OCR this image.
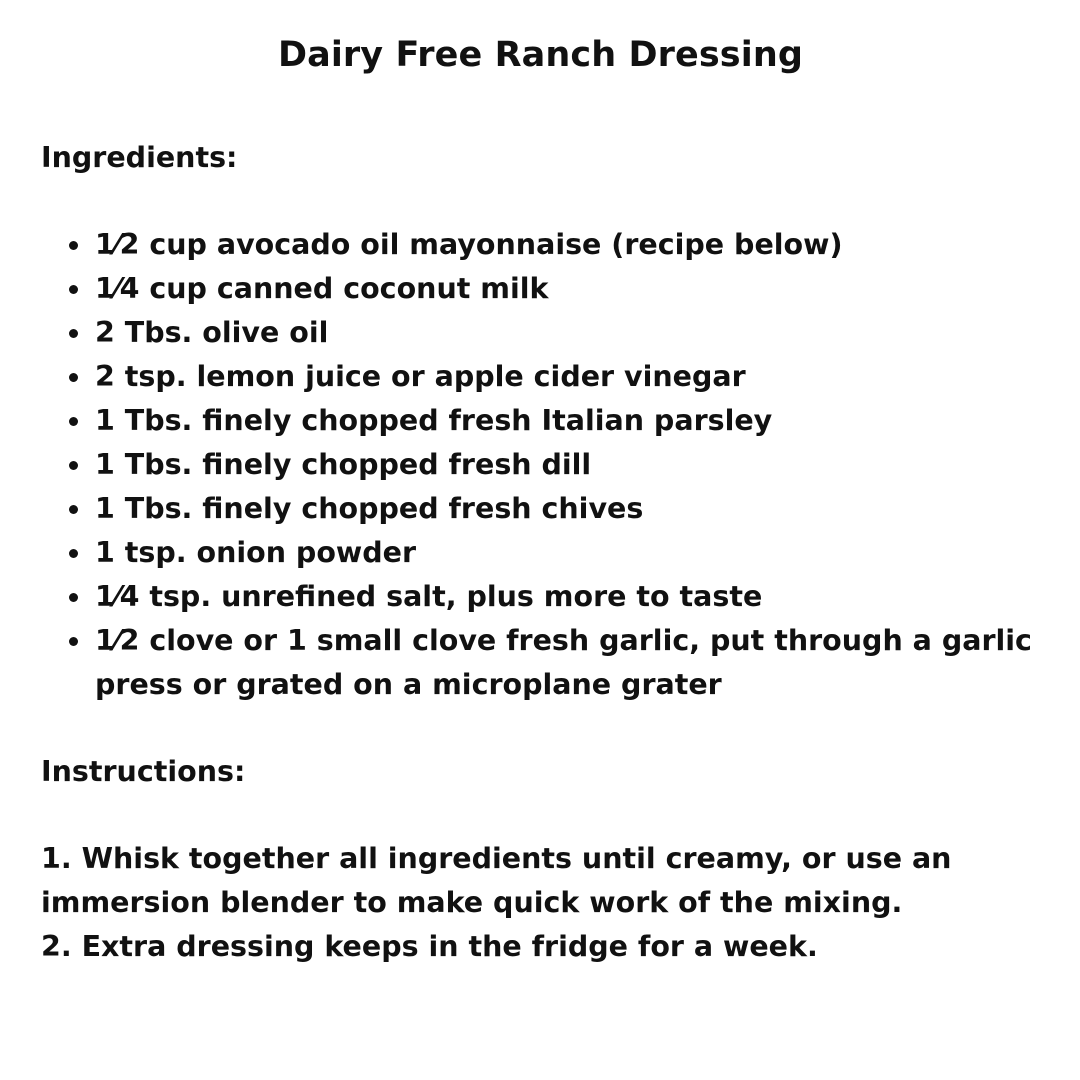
Dairy Free Ranch Dressing
Ingredients:
1⁄2 cup avocado oil mayonnaise (recipe below)
1⁄4 cup canned coconut milk
2 Tbs. olive oil
2 tsp. lemon juice or apple cider vinegar
1 Tbs. finely chopped fresh Italian parsley
1 Tbs. finely chopped fresh dill
1 Tbs. finely chopped fresh chives
1 tsp. onion powder
1⁄4 tsp. unrefined salt, plus more to taste
1⁄2 clove or 1 small clove fresh garlic, put through a garlic press or grated on a microplane grater
Instructions:

1. Whisk together all ingredients until creamy, or use an immersion blender to make quick work of the mixing.

2. Extra dressing keeps in the fridge for a week.
